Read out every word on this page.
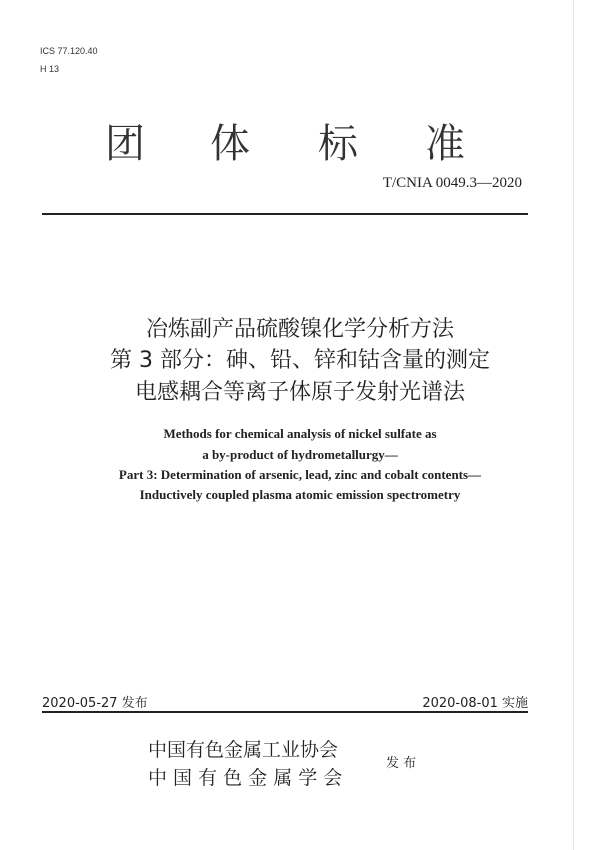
ICS 77.120.40
H 13
团 体 标 准
T/CNIA 0049.3—2020
冶炼副产品硫酸镍化学分析方法
第 3 部分：砷、铅、锌和钴含量的测定
电感耦合等离子体原子发射光谱法
Methods for chemical analysis of nickel sulfate as
a by-product of hydrometallurgy—
Part 3: Determination of arsenic, lead, zinc and cobalt contents—
Inductively coupled plasma atomic emission spectrometry
2020-05-27 发布	2020-08-01 实施
中国有色金属工业协会
中 国 有 色 金 属 学 会
发 布
